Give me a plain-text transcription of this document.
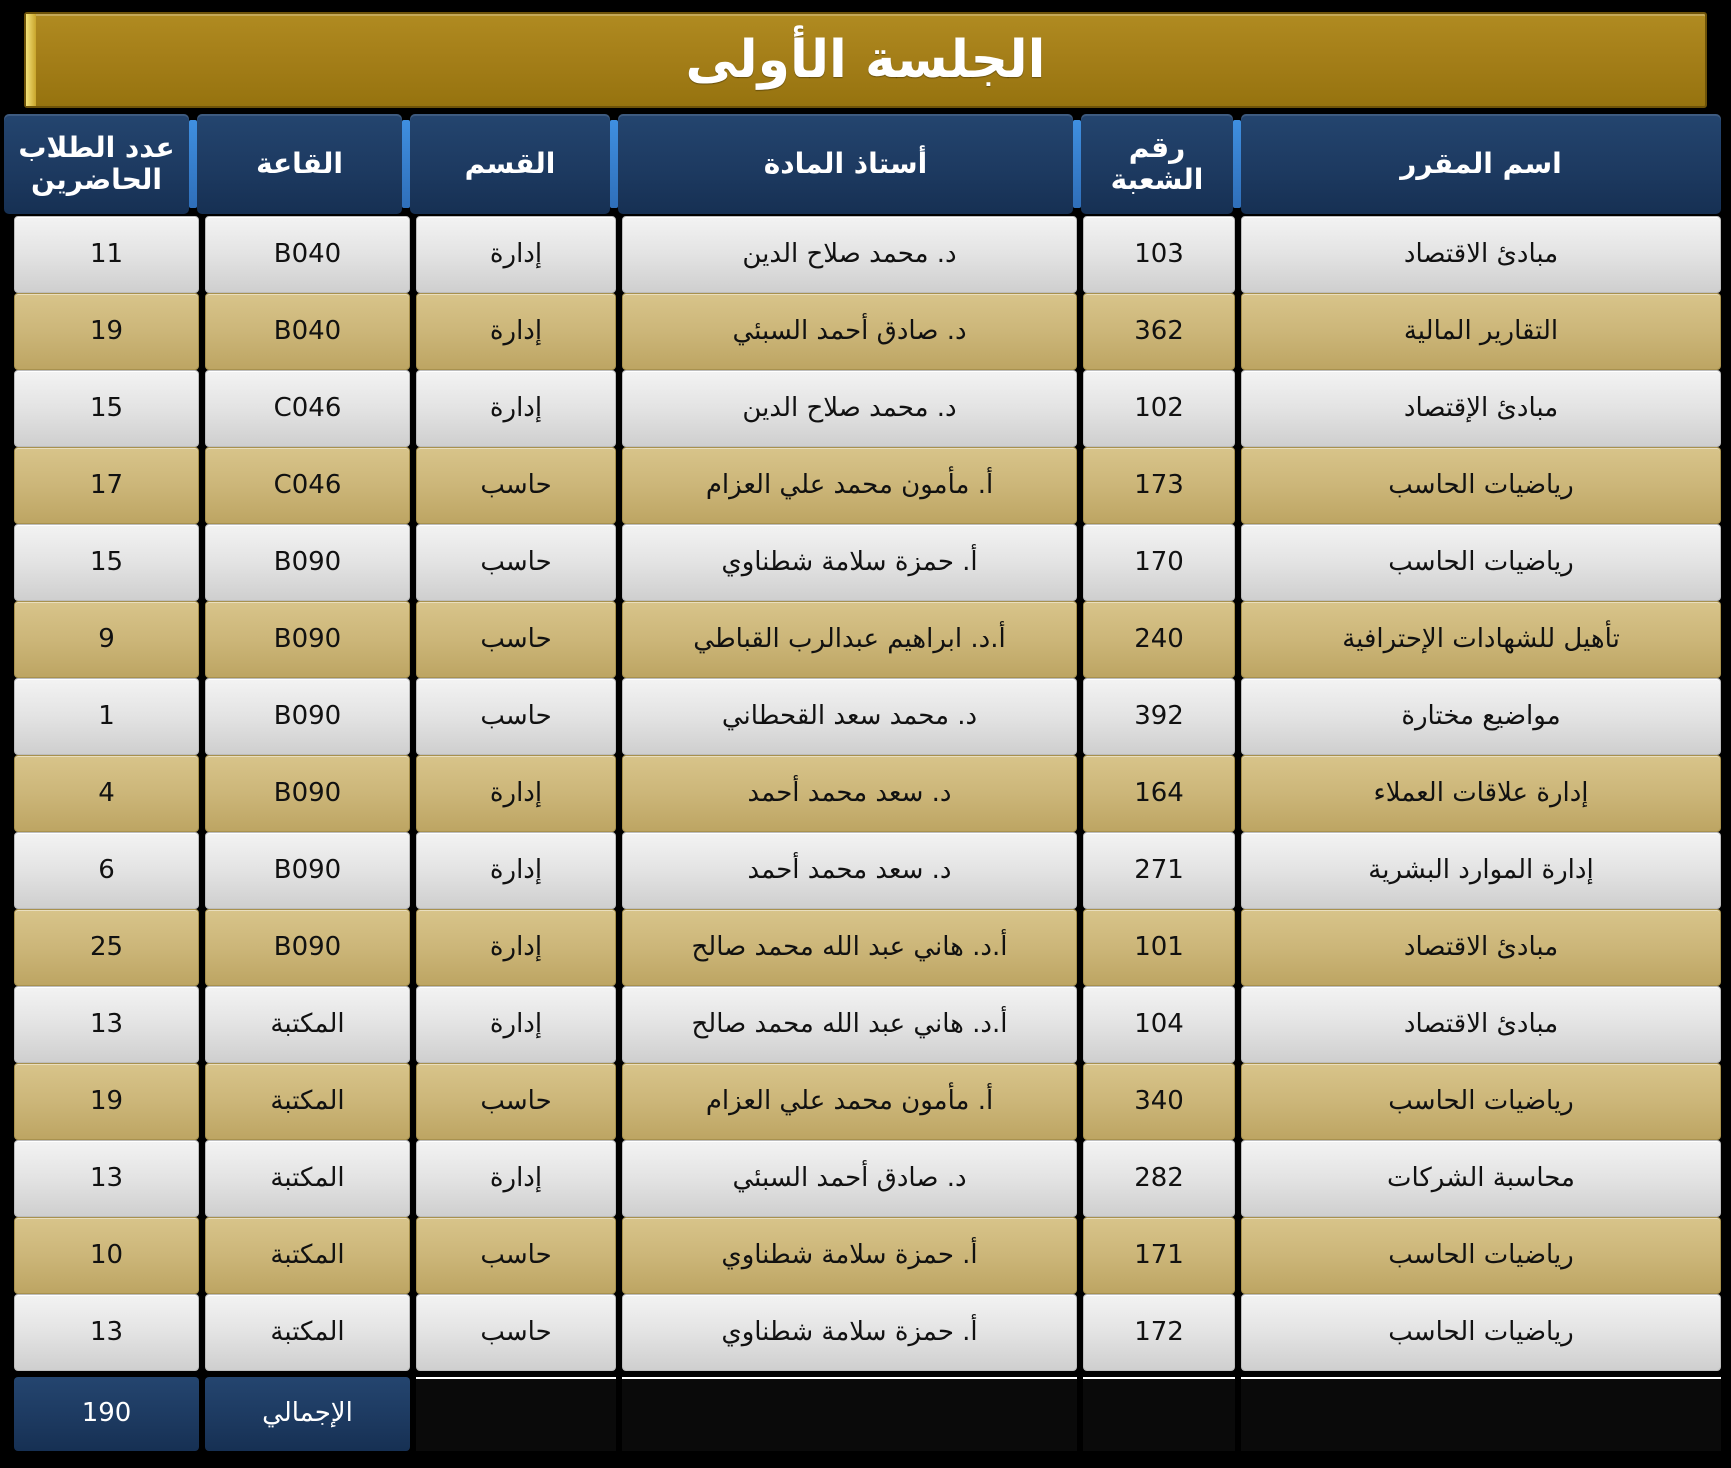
الجلسة الأولى
اسم المقرر
رقم الشعبة
أستاذ المادة
القسم
القاعة
عدد الطلاب الحاضرين
مبادئ الاقتصاد
103
د. محمد صلاح الدين
إدارة
B040
11
التقارير المالية
362
د. صادق أحمد السبئي
إدارة
B040
19
مبادئ الإقتصاد
102
د. محمد صلاح الدين
إدارة
C046
15
رياضيات الحاسب
173
أ. مأمون محمد علي العزام
حاسب
C046
17
رياضيات الحاسب
170
أ. حمزة سلامة شطناوي
حاسب
B090
15
تأهيل للشهادات الإحترافية
240
أ.د. ابراهيم عبدالرب القباطي
حاسب
B090
9
مواضيع مختارة
392
د. محمد سعد القحطاني
حاسب
B090
1
إدارة علاقات العملاء
164
د. سعد محمد أحمد
إدارة
B090
4
إدارة الموارد البشرية
271
د. سعد محمد أحمد
إدارة
B090
6
مبادئ الاقتصاد
101
أ.د. هاني عبد الله محمد صالح
إدارة
B090
25
مبادئ الاقتصاد
104
أ.د. هاني عبد الله محمد صالح
إدارة
المكتبة
13
رياضيات الحاسب
340
أ. مأمون محمد علي العزام
حاسب
المكتبة
19
محاسبة الشركات
282
د. صادق أحمد السبئي
إدارة
المكتبة
13
رياضيات الحاسب
171
أ. حمزة سلامة شطناوي
حاسب
المكتبة
10
رياضيات الحاسب
172
أ. حمزة سلامة شطناوي
حاسب
المكتبة
13
الإجمالي
190
